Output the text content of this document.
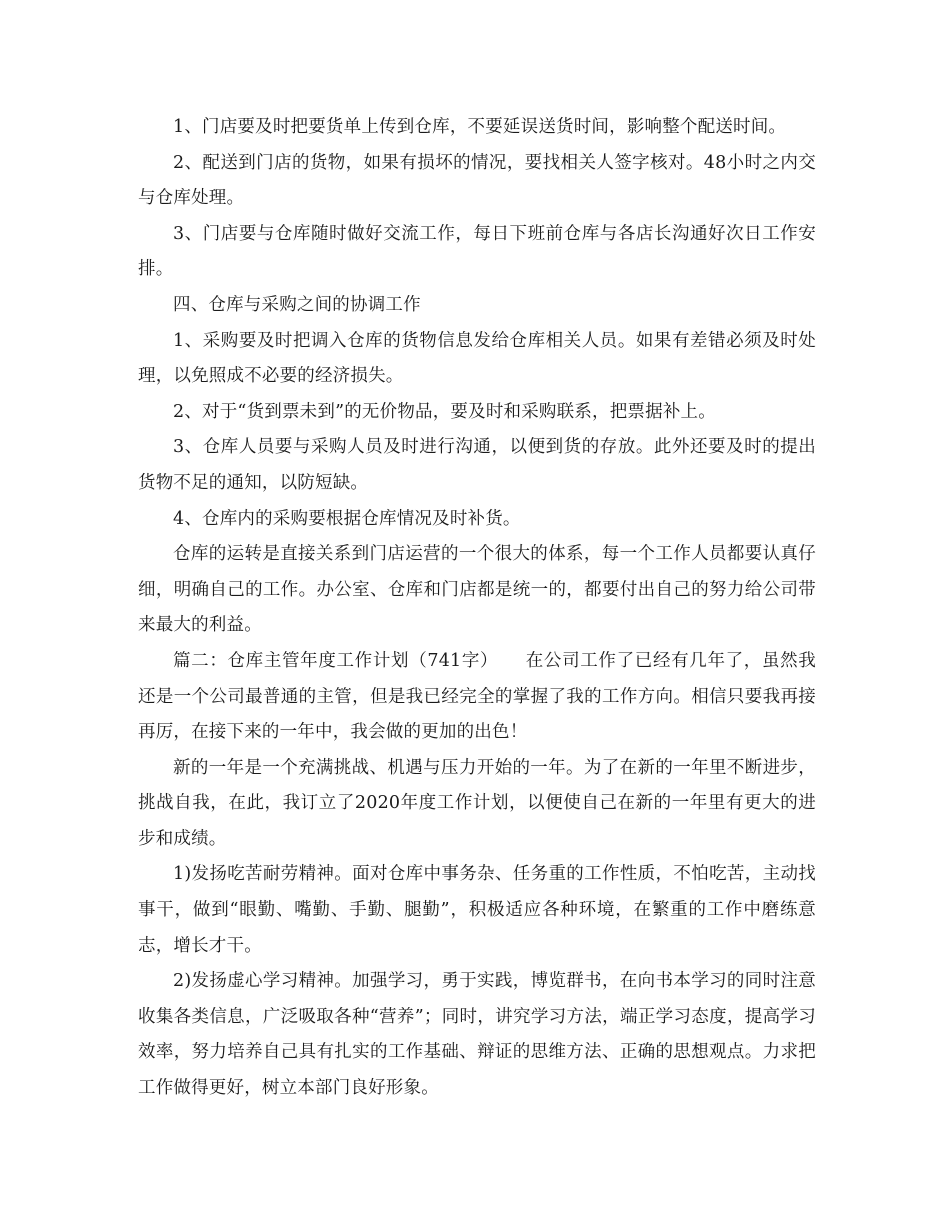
1、门店要及时把要货单上传到仓库，不要延误送货时间，影响整个配送时间。

2、配送到门店的货物，如果有损坏的情况，要找相关人签字核对。48小时之内交与仓库处理。

3、门店要与仓库随时做好交流工作，每日下班前仓库与各店长沟通好次日工作安排。

四、仓库与采购之间的协调工作

1、采购要及时把调入仓库的货物信息发给仓库相关人员。如果有差错必须及时处理，以免照成不必要的经济损失。

2、对于“货到票未到”的无价物品，要及时和采购联系，把票据补上。

3、仓库人员要与采购人员及时进行沟通，以便到货的存放。此外还要及时的提出货物不足的通知，以防短缺。

4、仓库内的采购要根据仓库情况及时补货。

仓库的运转是直接关系到门店运营的一个很大的体系，每一个工作人员都要认真仔细，明确自己的工作。办公室、仓库和门店都是统一的，都要付出自己的努力给公司带来最大的利益。

篇二：仓库主管年度工作计划（741字）　　在公司工作了已经有几年了，虽然我还是一个公司最普通的主管，但是我已经完全的掌握了我的工作方向。相信只要我再接再厉，在接下来的一年中，我会做的更加的出色！

新的一年是一个充满挑战、机遇与压力开始的一年。为了在新的一年里不断进步，挑战自我，在此，我订立了2020年度工作计划，以便使自己在新的一年里有更大的进步和成绩。

1)发扬吃苦耐劳精神。面对仓库中事务杂、任务重的工作性质，不怕吃苦，主动找事干，做到“眼勤、嘴勤、手勤、腿勤”，积极适应各种环境，在繁重的工作中磨练意志，增长才干。

2)发扬虚心学习精神。加强学习，勇于实践，博览群书，在向书本学习的同时注意收集各类信息，广泛吸取各种“营养”；同时，讲究学习方法，端正学习态度，提高学习效率，努力培养自己具有扎实的工作基础、辩证的思维方法、正确的思想观点。力求把工作做得更好，树立本部门良好形象。
